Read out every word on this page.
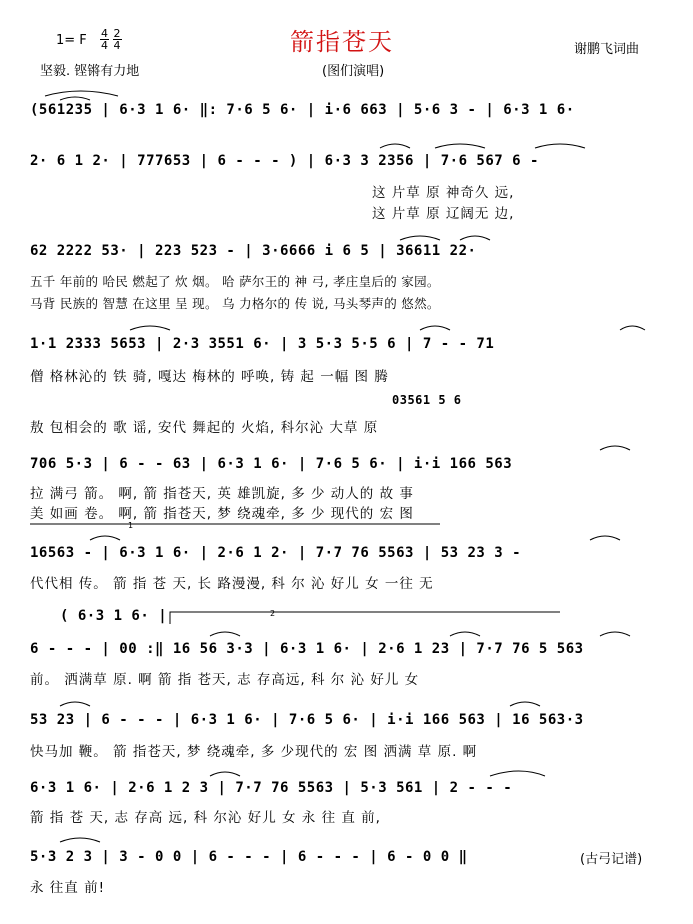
箭指苍天
(图们演唱)
1= F 4 2
4 4
坚毅. 铿锵有力地
谢鹏飞词曲
(561235 | 6·3 1 6· ‖: 7·6 5 6· | i·6 663 | 5·6 3 - | 6·3 1 6·
2· 6 1 2· | 777653 | 6 - - - ) | 6·3 3 2356 | 7·6 567 6 -
这 片草 原 神奇久 远,
这 片草 原 辽阔无 边,
62 2222 53· | 223 523 - | 3·6666 i 6 5 | 36611 22·
五千 年前的 哈民 燃起了 炊 烟。 哈 萨尔王的 神 弓, 孝庄皇后的 家园。
马背 民族的 智慧 在这里 呈 现。 乌 力格尔的 传 说, 马头琴声的 悠然。
1·1 2333 5653 | 2·3 3551 6· | 3 5·3 5·5 6 | 7 - - 71
僧 格林沁的 铁 骑, 嘎达 梅林的 呼唤, 铸 起 一幅 图 腾
03561 5 6
敖 包相会的 歌 谣, 安代 舞起的 火焰, 科尔沁 大草 原
706 5·3 | 6 - - 63 | 6·3 1 6· | 7·6 5 6· | i·i 166 563
拉 满弓 箭。 啊, 箭 指苍天, 英 雄凯旋, 多 少 动人的 故 事
美 如画 卷。 啊, 箭 指苍天, 梦 绕魂牵, 多 少 现代的 宏 图
16563 - | 6·3 1 6· | 2·6 1 2· | 7·7 76 5563 | 53 23 3 -
代代相 传。 箭 指 苍 天, 长 路漫漫, 科 尔 沁 好儿 女 一往 无
( 6·3 1 6· |
6 - - - | 00 :‖ 16 56 3·3 | 6·3 1 6· | 2·6 1 23 | 7·7 76 5 563
前。 洒满草 原. 啊 箭 指 苍天, 志 存高远, 科 尔 沁 好儿 女
53 23 | 6 - - - | 6·3 1 6· | 7·6 5 6· | i·i 166 563 | 16 563·3
快马加 鞭。 箭 指苍天, 梦 绕魂牵, 多 少现代的 宏 图 洒满 草 原. 啊
6·3 1 6· | 2·6 1 2 3 | 7·7 76 5563 | 5·3 561 | 2 - - -
箭 指 苍 天, 志 存高 远, 科 尔沁 好儿 女 永 往 直 前,
5·3 2 3 | 3 - 0 0 | 6 - - - | 6 - - - | 6 - 0 0 ‖
永 往直 前!
(古弓记谱)
1
2
